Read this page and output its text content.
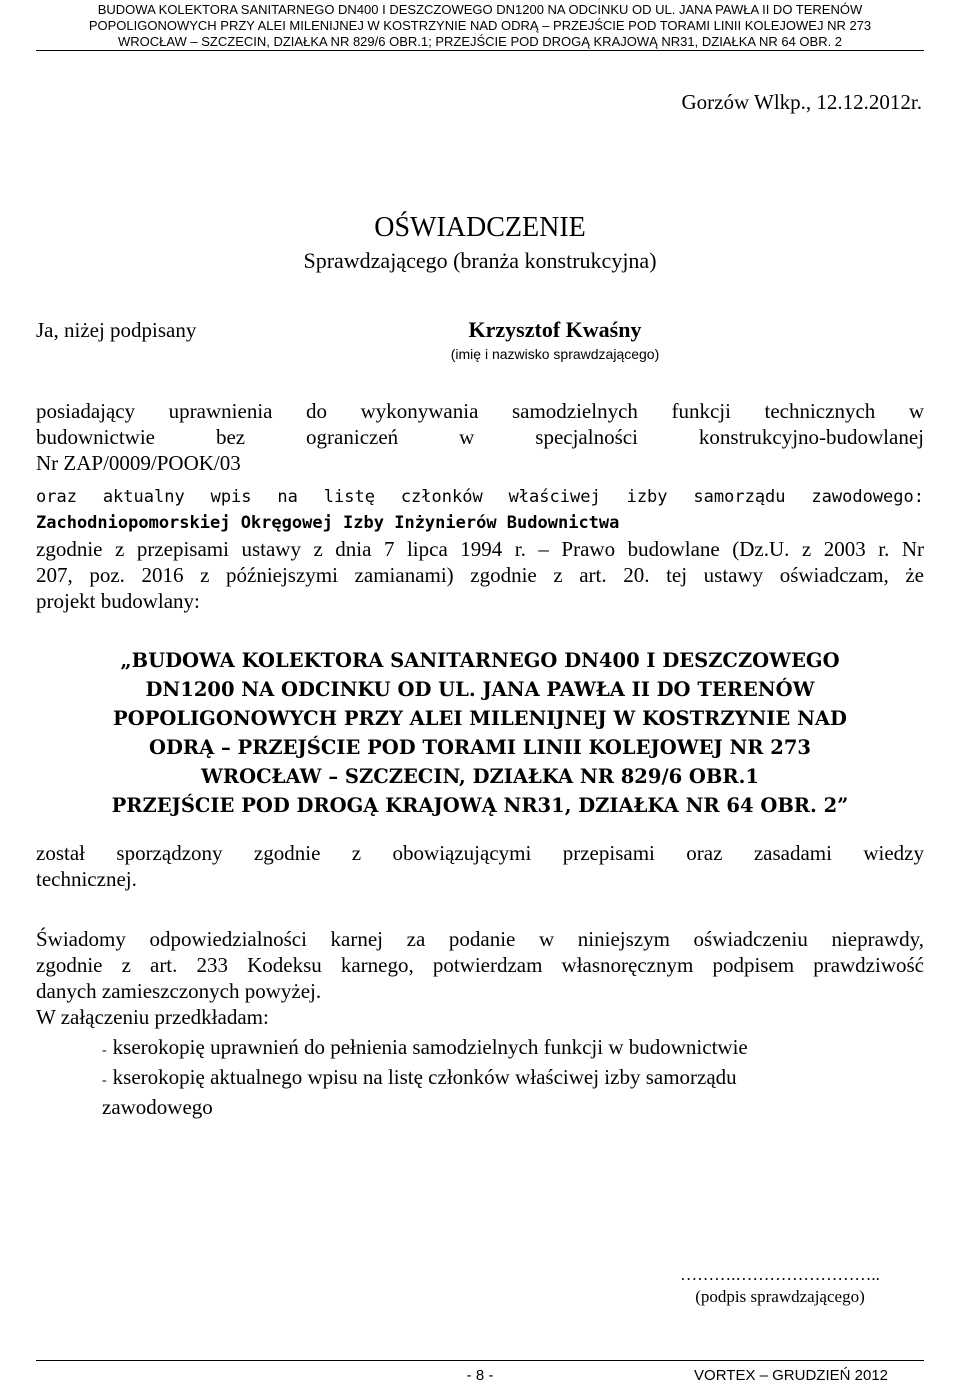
BUDOWA KOLEKTORA SANITARNEGO DN400 I DESZCZOWEGO DN1200 NA ODCINKU OD UL. JANA PAWŁA II DO TERENÓW
POPOLIGONOWYCH PRZY ALEI MILENIJNEJ W KOSTRZYNIE NAD ODRĄ – PRZEJŚCIE POD TORAMI LINII KOLEJOWEJ NR 273
WROCŁAW – SZCZECIN, DZIAŁKA NR 829/6 OBR.1; PRZEJŚCIE POD DROGĄ KRAJOWĄ NR31, DZIAŁKA NR 64 OBR. 2
Gorzów Wlkp., 12.12.2012r.
OŚWIADCZENIE
Sprawdzającego (branża konstrukcyjna)
Ja, niżej podpisany	Krzysztof Kwaśny
(imię i nazwisko sprawdzającego)
posiadający uprawnienia do wykonywania samodzielnych funkcji technicznych w
budownictwie bez ograniczeń w specjalności konstrukcyjno-budowlanej
Nr ZAP/0009/POOK/03
oraz aktualny wpis na listę członków właściwej izby samorządu zawodowego:
Zachodniopomorskiej Okręgowej Izby Inżynierów Budownictwa
zgodnie z przepisami ustawy z dnia 7 lipca 1994 r. – Prawo budowlane (Dz.U. z 2003 r. Nr
207, poz. 2016 z późniejszymi zamianami) zgodnie z art. 20. tej ustawy oświadczam, że
projekt budowlany:
„BUDOWA KOLEKTORA SANITARNEGO DN400 I DESZCZOWEGO
DN1200 NA ODCINKU OD UL. JANA PAWŁA II DO TERENÓW
POPOLIGONOWYCH PRZY ALEI MILENIJNEJ W KOSTRZYNIE NAD
ODRĄ – PRZEJŚCIE POD TORAMI LINII KOLEJOWEJ NR 273
WROCŁAW – SZCZECIN, DZIAŁKA NR 829/6 OBR.1
PRZEJŚCIE POD DROGĄ KRAJOWĄ NR31, DZIAŁKA NR 64 OBR. 2”
został sporządzony zgodnie z obowiązującymi przepisami oraz zasadami wiedzy
technicznej.
Świadomy odpowiedzialności karnej za podanie w niniejszym oświadczeniu nieprawdy,
zgodnie z art. 233 Kodeksu karnego, potwierdzam własnoręcznym podpisem prawdziwość
danych zamieszczonych powyżej.
W załączeniu przedkładam:
- kserokopię uprawnień do pełnienia samodzielnych funkcji w budownictwie
- kserokopię aktualnego wpisu na listę członków właściwej izby samorządu
zawodowego
……….……………………..
(podpis sprawdzającego)
- 8 -	VORTEX – GRUDZIEŃ 2012
